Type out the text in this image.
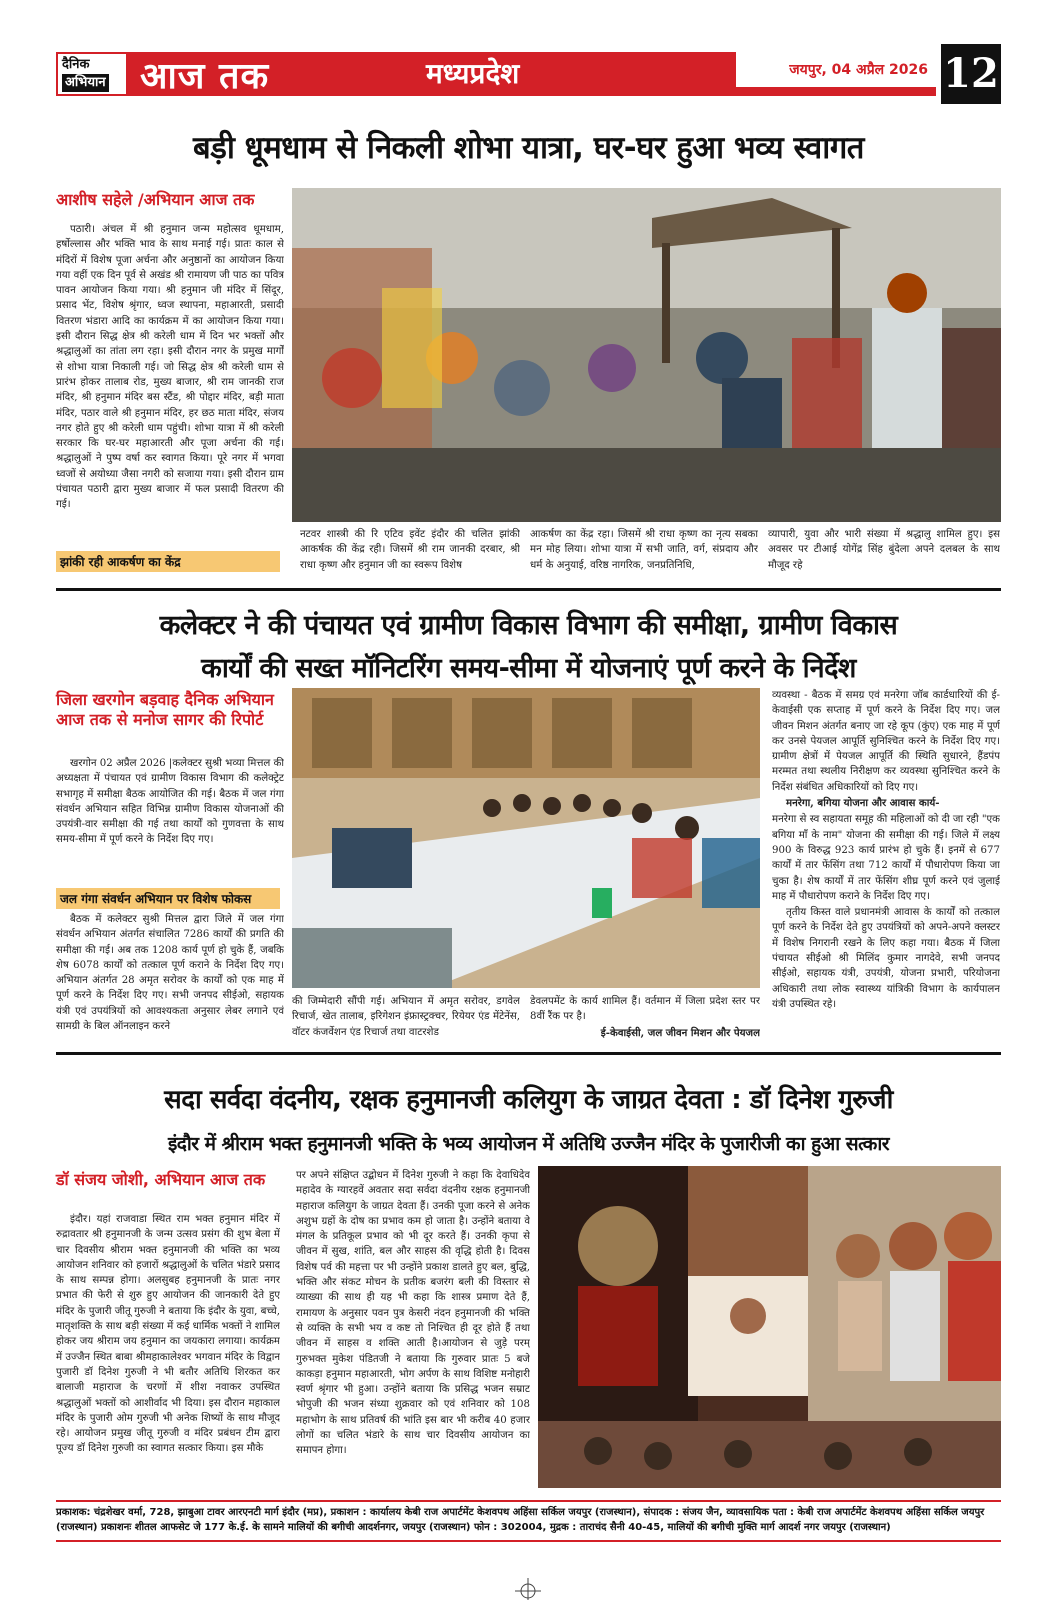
दैनिक
अभियान आज तक	मध्यप्रदेश	जयपुर, 04 अप्रैल 2026 12
बड़ी धूमधाम से निकली शोभा यात्रा, घर-घर हुआ भव्य स्वागत
आशीष सहेले /अभियान आज तक

पठारी। अंचल में श्री हनुमान जन्म महोत्सव धूमधाम, हर्षोल्लास और भक्ति भाव के साथ मनाई गई। प्रातः काल से मंदिरों में विशेष पूजा अर्चना और अनुष्ठानों का आयोजन किया गया वहीं एक दिन पूर्व से अखंड श्री रामायण जी पाठ का पवित्र पावन आयोजन किया गया। श्री हनुमान जी मंदिर में सिंदूर, प्रसाद भेंट, विशेष श्रृंगार, ध्वज स्थापना, महाआरती, प्रसादी वितरण भंडारा आदि का कार्यक्रम में का आयोजन किया गया। इसी दौरान सिद्ध क्षेत्र श्री करेली धाम में दिन भर भक्तों और श्रद्धालुओं का तांता लग रहा। इसी दौरान नगर के प्रमुख मार्गों से शोभा यात्रा निकाली गई। जो सिद्ध क्षेत्र श्री करेली धाम से प्रारंभ होकर तालाब रोड, मुख्य बाजार, श्री राम जानकी राज मंदिर, श्री हनुमान मंदिर बस स्टैंड, श्री पोद्दार मंदिर, बड़ी माता मंदिर, पठार वाले श्री हनुमान मंदिर, हर छठ माता मंदिर, संजय नगर होते हुए श्री करेली धाम पहुंची। शोभा यात्रा में श्री करेली सरकार कि घर-घर महाआरती और पूजा अर्चना की गई। श्रद्धालुओं ने पुष्प वर्षा कर स्वागत किया। पूरे नगर में भगवा ध्वजों से अयोध्या जैसा नगरी को सजाया गया। इसी दौरान ग्राम पंचायत पठारी द्वारा मुख्य बाजार में फल प्रसादी वितरण की गई।

झांकी रही आकर्षण का केंद्र

नटवर शास्त्री की रि एटिव इवेंट इंदौर की चलित झांकी आकर्षक की केंद्र रही। जिसमें श्री राम जानकी दरबार, श्री राधा कृष्ण और हनुमान जी का स्वरूप विशेष

आकर्षण का केंद्र रहा। जिसमें श्री राधा कृष्ण का नृत्य सबका मन मोह लिया। शोभा यात्रा में सभी जाति, वर्ग, संप्रदाय और धर्म के अनुयाई, वरिष्ठ नागरिक, जनप्रतिनिधि,

व्यापारी, युवा और भारी संख्या में श्रद्धालु शामिल हुए। इस अवसर पर टीआई योगेंद्र सिंह बुंदेला अपने दलबल के साथ मौजूद रहे

कलेक्टर ने की पंचायत एवं ग्रामीण विकास विभाग की समीक्षा, ग्रामीण विकास
कार्यों की सख्त मॉनिटरिंग समय-सीमा में योजनाएं पूर्ण करने के निर्देश
जिला खरगोन बड़वाह दैनिक अभियान आज तक से मनोज सागर की रिपोर्ट

खरगोन 02 अप्रैल 2026 |कलेक्टर सुश्री भव्या मित्तल की अध्यक्षता में पंचायत एवं ग्रामीण विकास विभाग की कलेक्ट्रेट सभागृह में समीक्षा बैठक आयोजित की गई। बैठक में जल गंगा संवर्धन अभियान सहित विभिन्न ग्रामीण विकास योजनाओं की उपयंत्री-वार समीक्षा की गई तथा कार्यों को गुणवत्ता के साथ समय-सीमा में पूर्ण करने के निर्देश दिए गए।

जल गंगा संवर्धन अभियान पर विशेष फोकस

बैठक में कलेक्टर सुश्री मित्तल द्वारा जिले में जल गंगा संवर्धन अभियान अंतर्गत संचालित 7286 कार्यों की प्रगति की समीक्षा की गई। अब तक 1208 कार्य पूर्ण हो चुके हैं, जबकि शेष 6078 कार्यों को तत्काल पूर्ण कराने के निर्देश दिए गए। अभियान अंतर्गत 28 अमृत सरोवर के कार्यों को एक माह में पूर्ण करने के निर्देश दिए गए। सभी जनपद सीईओ, सहायक यंत्री एवं उपयंत्रियों को आवश्यकता अनुसार लेबर लगाने एवं सामग्री के बिल ऑनलाइन करने

की जिम्मेदारी सौंपी गई। अभियान में अमृत सरोवर, डगवेल रिचार्ज, खेत तालाब, इरिगेशन इंफ्रास्ट्रक्चर, रियेयर एंड मेंटेनेंस, वॉटर कंजर्वेशन एंड रिचार्ज तथा वाटरशेड

डेवलपमेंट के कार्य शामिल हैं। वर्तमान में जिला प्रदेश स्तर पर 8वीं रैंक पर है।

ई-केवाईसी, जल जीवन मिशन और पेयजल

व्यवस्था - बैठक में समग्र एवं मनरेगा जॉब कार्डधारियों की ई-केवाईसी एक सप्ताह में पूर्ण करने के निर्देश दिए गए। जल जीवन मिशन अंतर्गत बनाए जा रहे कूप (कुंए) एक माह में पूर्ण कर उनसे पेयजल आपूर्ति सुनिश्चित करने के निर्देश दिए गए। ग्रामीण क्षेत्रों में पेयजल आपूर्ति की स्थिति सुधारने, हैंडपंप मरम्मत तथा स्थलीय निरीक्षण कर व्यवस्था सुनिश्चित करने के निर्देश संबंधित अधिकारियों को दिए गए।

मनरेगा, बगिया योजना और आवास कार्य-

मनरेगा से स्व सहायता समूह की महिलाओं को दी जा रही "एक बगिया माँ के नाम" योजना की समीक्षा की गई। जिले में लक्ष्य 900 के विरुद्ध 923 कार्य प्रारंभ हो चुके हैं। इनमें से 677 कार्यों में तार फेंसिंग तथा 712 कार्यों में पौधारोपण किया जा चुका है। शेष कार्यों में तार फेंसिंग शीघ्र पूर्ण करने एवं जुलाई माह में पौधारोपण कराने के निर्देश दिए गए।

तृतीय किस्त वाले प्रधानमंत्री आवास के कार्यों को तत्काल पूर्ण करने के निर्देश देते हुए उपयंत्रियों को अपने-अपने क्लस्टर में विशेष निगरानी रखने के लिए कहा गया। बैठक में जिला पंचायत सीईओ श्री मिलिंद कुमार नागदेवे, सभी जनपद सीईओ, सहायक यंत्री, उपयंत्री, योजना प्रभारी, परियोजना अधिकारी तथा लोक स्वास्थ्य यांत्रिकी विभाग के कार्यपालन यंत्री उपस्थित रहे।

सदा सर्वदा वंदनीय, रक्षक हनुमानजी कलियुग के जाग्रत देवता : डॉ दिनेश गुरुजी
इंदौर में श्रीराम भक्त हनुमानजी भक्ति के भव्य आयोजन में अतिथि उज्जैन मंदिर के पुजारीजी का हुआ सत्कार
डॉ संजय जोशी, अभियान आज तक

इंदौर। यहां राजवाडा स्थित राम भक्त हनुमान मंदिर में रुद्रावतार श्री हनुमानजी के जन्म उत्सव प्रसंग की शुभ बेला में चार दिवसीय श्रीराम भक्त हनुमानजी की भक्ति का भव्य आयोजन शनिवार को हजारों श्रद्धालुओं के चलित भंडारे प्रसाद के साथ सम्पन्न होगा। अलसुबह हनुमानजी के प्रातः नगर प्रभात की फेरी से शुरु हुए आयोजन की जानकारी देते हुए मंदिर के पुजारी जीतू गुरुजी ने बताया कि इंदौर के युवा, बच्चे, मातृशक्ति के साथ बड़ी संख्या में कई धार्मिक भक्तों ने शामिल होकर जय श्रीराम जय हनुमान का जयकारा लगाया। कार्यक्रम में उज्जैन स्थित बाबा श्रीमहाकालेश्वर भगवान मंदिर के विद्वान पुजारी डॉ दिनेश गुरुजी ने भी बतौर अतिथि शिरकत कर बालाजी महाराज के चरणों में शीश नवाकर उपस्थित श्रद्धालुओं भक्तों को आशीर्वाद भी दिया। इस दौरान महाकाल मंदिर के पुजारी ओम गुरुजी भी अनेक शिष्यों के साथ मौजूद रहे। आयोजन प्रमुख जीतू गुरुजी व मंदिर प्रबंधन टीम द्वारा पूज्य डॉ दिनेश गुरुजी का स्वागत सत्कार किया। इस मौके

पर अपने संक्षिप्त उद्बोधन में दिनेश गुरुजी ने कहा कि देवाधिदेव महादेव के ग्यारहवें अवतार सदा सर्वदा वंदनीय रक्षक हनुमानजी महाराज कलियुग के जाग्रत देवता हैं। उनकी पूजा करने से अनेक अशुभ ग्रहों के दोष का प्रभाव कम हो जाता है। उन्होंने बताया वे मंगल के प्रतिकूल प्रभाव को भी दूर करते हैं। उनकी कृपा से जीवन में सुख, शांति, बल और साहस की वृद्धि होती है। दिवस विशेष पर्व की महत्ता पर भी उन्होंने प्रकाश डालते हुए बल, बुद्धि, भक्ति और संकट मोचन के प्रतीक बजरंग बली की विस्तार से व्याख्या की साथ ही यह भी कहा कि शास्त्र प्रमाण देते हैं, रामायण के अनुसार पवन पुत्र केसरी नंदन हनुमानजी की भक्ति से व्यक्ति के सभी भय व कष्ट तो निश्चित ही दूर होते हैं तथा जीवन में साहस व शक्ति आती है।आयोजन से जुड़े परम् गुरुभक्त मुकेश पंडितजी ने बताया कि गुरुवार प्रातः 5 बजे काकड़ा हनुमान महाआरती, भोग अर्पण के साथ विशिष्ट मनोहारी स्वर्ण श्रृंगार भी हुआ। उन्होंने बताया कि प्रसिद्ध भजन सम्राट भोपुजी की भजन संध्या शुक्रवार को एवं शनिवार को 108 महाभोग के साथ प्रतिवर्ष की भांति इस बार भी करीब 40 हजार लोगों का चलित भंडारे के साथ चार दिवसीय आयोजन का समापन होगा।

प्रकाशक: चंद्रशेखर वर्मा, 728, झाबुआ टावर आरएनटी मार्ग इंदौर (मप्र), प्रकाशन : कार्यालय केबी राज अपार्टमेंट केशवपथ अहिंसा सर्किल जयपुर (राजस्थान), संपादक : संजय जैन, व्यावसायिक पता : केबी राज अपार्टमेंट केशवपथ अहिंसा सर्किल जयपुर (राजस्थान) प्रकाशनः शीतल आफसेट जे 177 के.ई. के सामने मालियों की बगीची आदर्शनगर, जयपुर (राजस्थान) फोन : 302004, मुद्रक : ताराचंद सैनी 40-45, मालियों की बगीची मुक्ति मार्ग आदर्श नगर जयपुर (राजस्थान)
